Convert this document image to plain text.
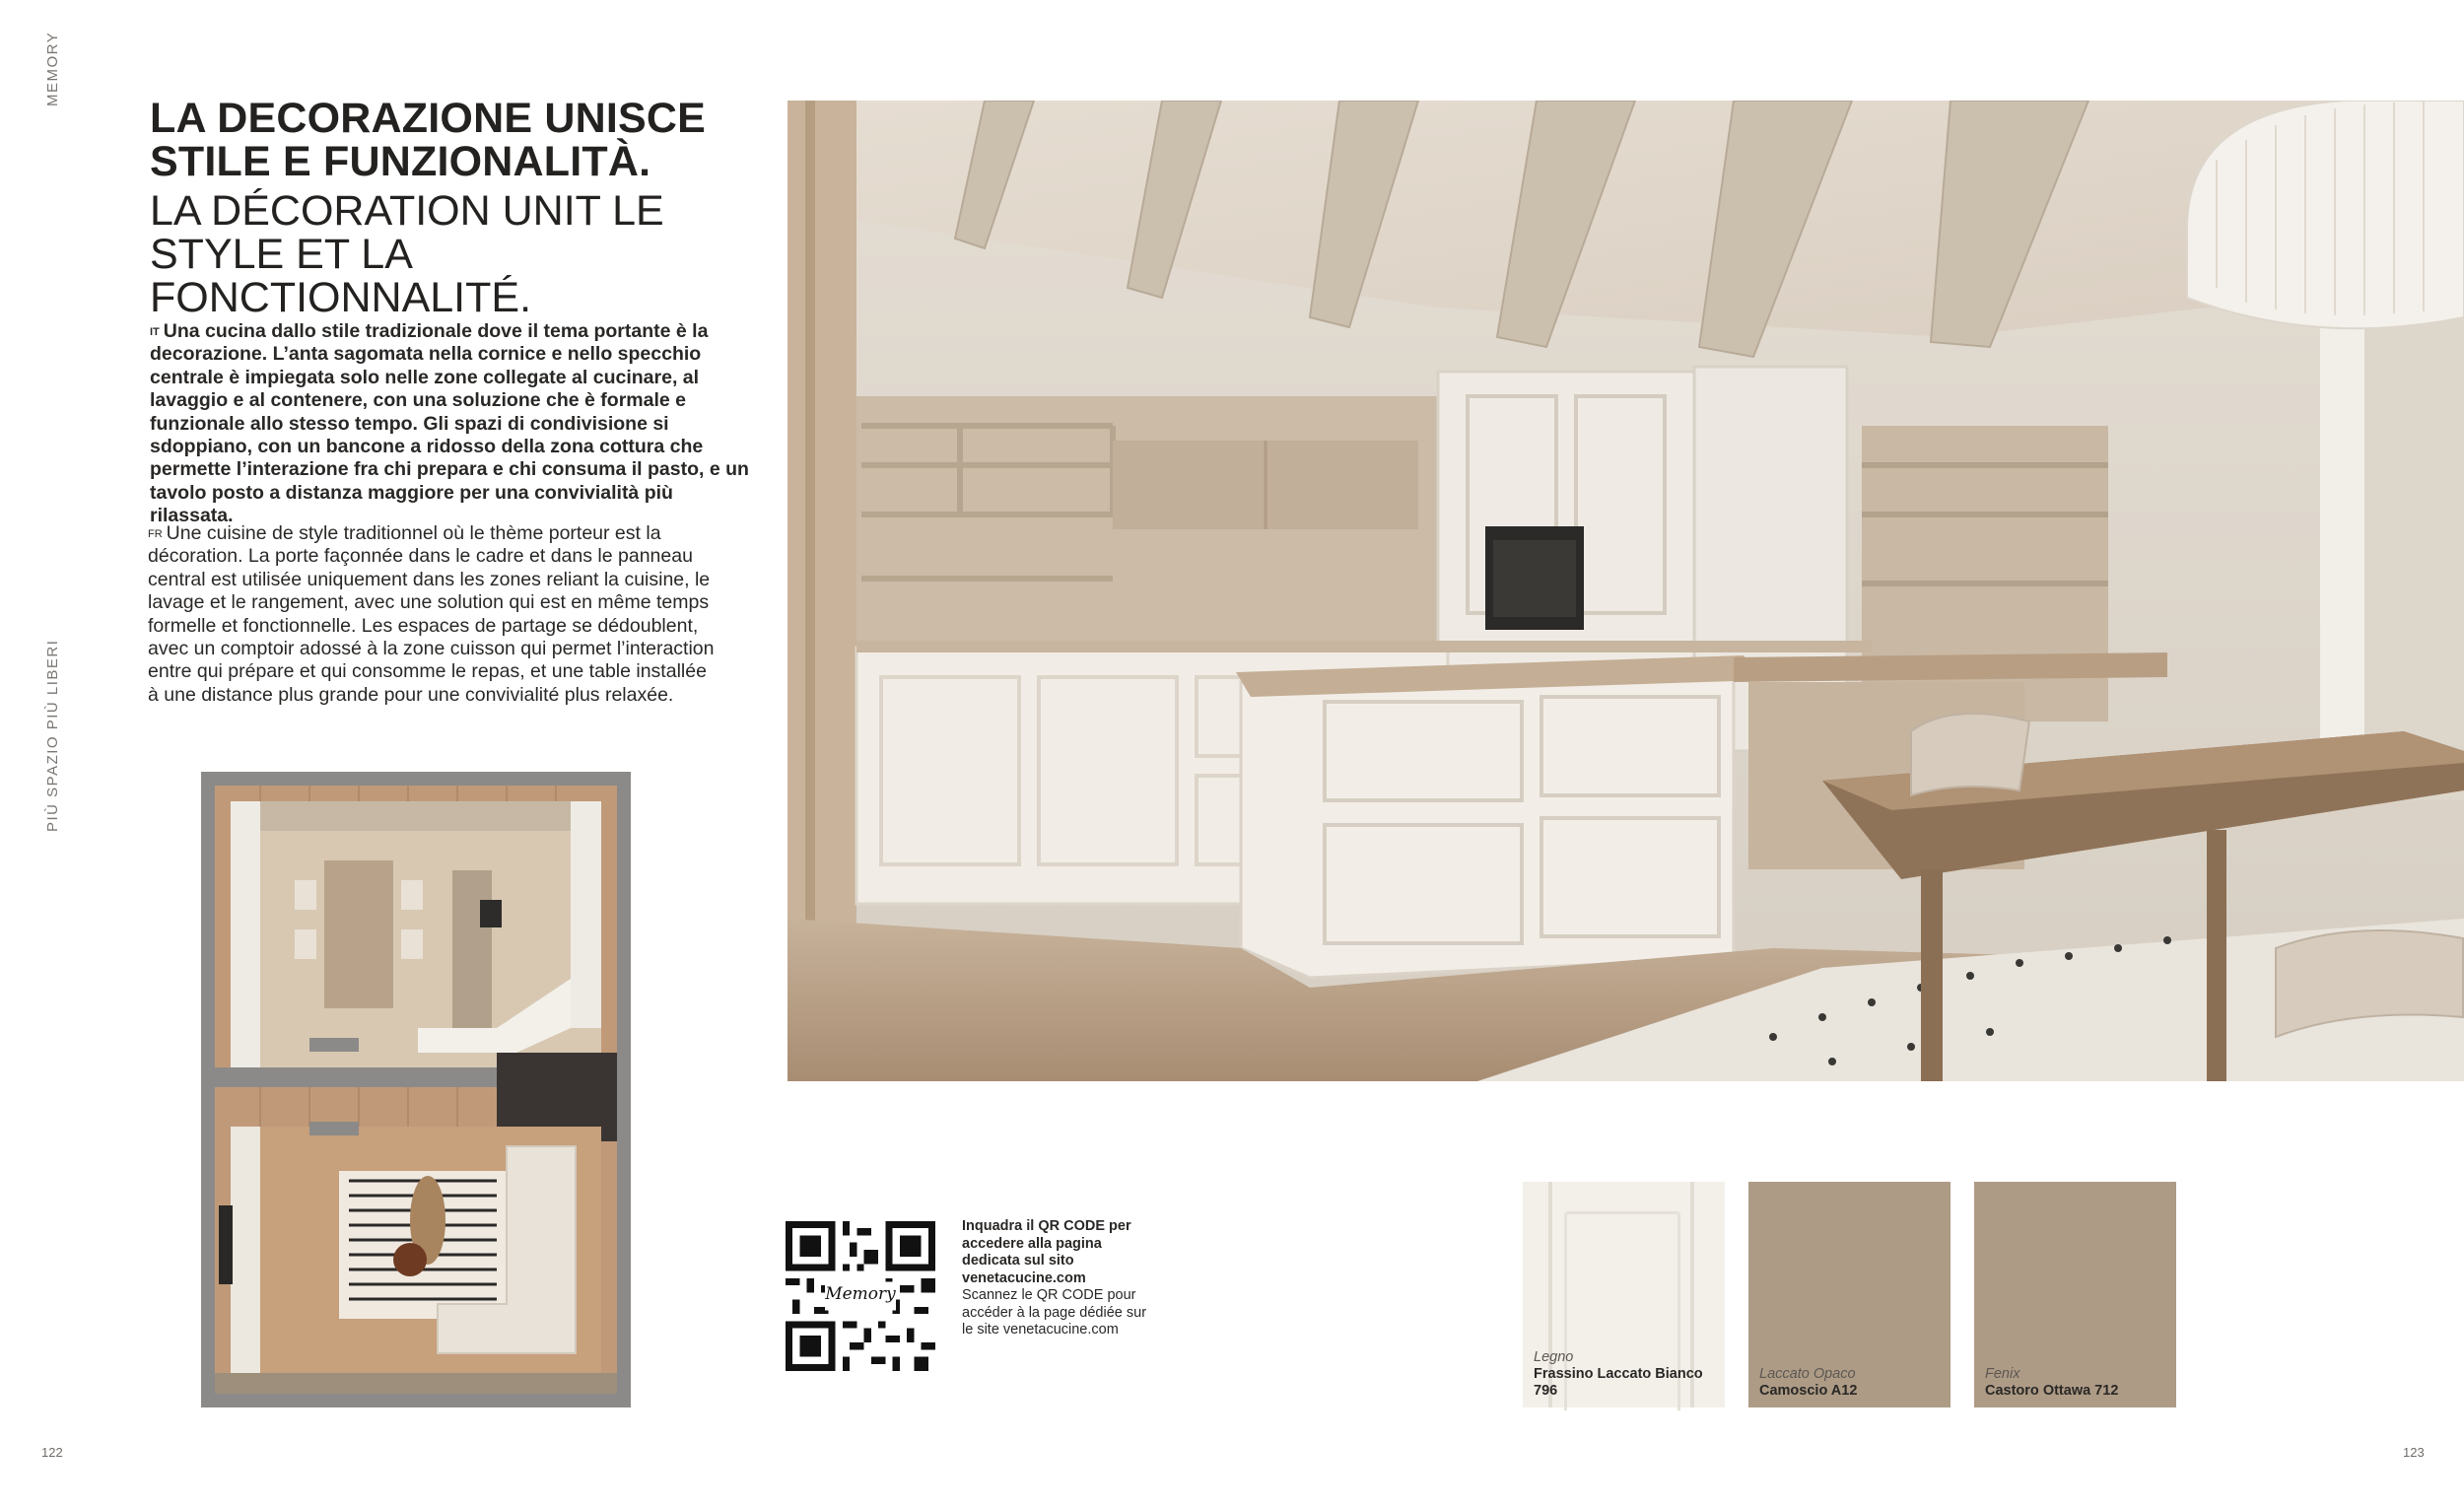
MEMORY
PIÙ SPAZIO PIÙ LIBERI
LA DECORAZIONE UNISCE STILE E FUNZIONALITÀ.
LA DÉCORATION UNIT LE STYLE ET LA FONCTIONNALITÉ.
$^{IT}$ Una cucina dallo stile tradizionale dove il tema portante è la decorazione. L’anta sagomata nella cornice e nello specchio centrale è impiegata solo nelle zone collegate al cucinare, al lavaggio e al contenere, con una soluzione che è formale e funzionale allo stesso tempo. Gli spazi di condivisione si sdoppiano, con un bancone a ridosso della zona cottura che permette l’interazione fra chi prepara e chi consuma il pasto, e un tavolo posto a distanza maggiore per una convivialità più rilassata.
$^{FR}$ Une cuisine de style traditionnel où le thème porteur est la décoration. La porte façonnée dans le cadre et dans le panneau central est utilisée uniquement dans les zones reliant la cuisine, le lavage et le rangement, avec une solution qui est en même temps formelle et fonctionnelle. Les espaces de partage se dédoublent, avec un comptoir adossé à la zone cuisson qui permet l’interaction entre qui prépare et qui consomme le repas, et une table installée à une distance plus grande pour une convivialité plus relaxée.
Memory
Inquadra il QR CODE per accedere alla pagina dedicata sul sito venetacucine.com
Scannez le QR CODE pour accéder à la page dédiée sur le site venetacucine.com
Legno
Frassino Laccato Bianco 796
Laccato Opaco
Camoscio A12
Fenix
Castoro Ottawa 712
122	123
